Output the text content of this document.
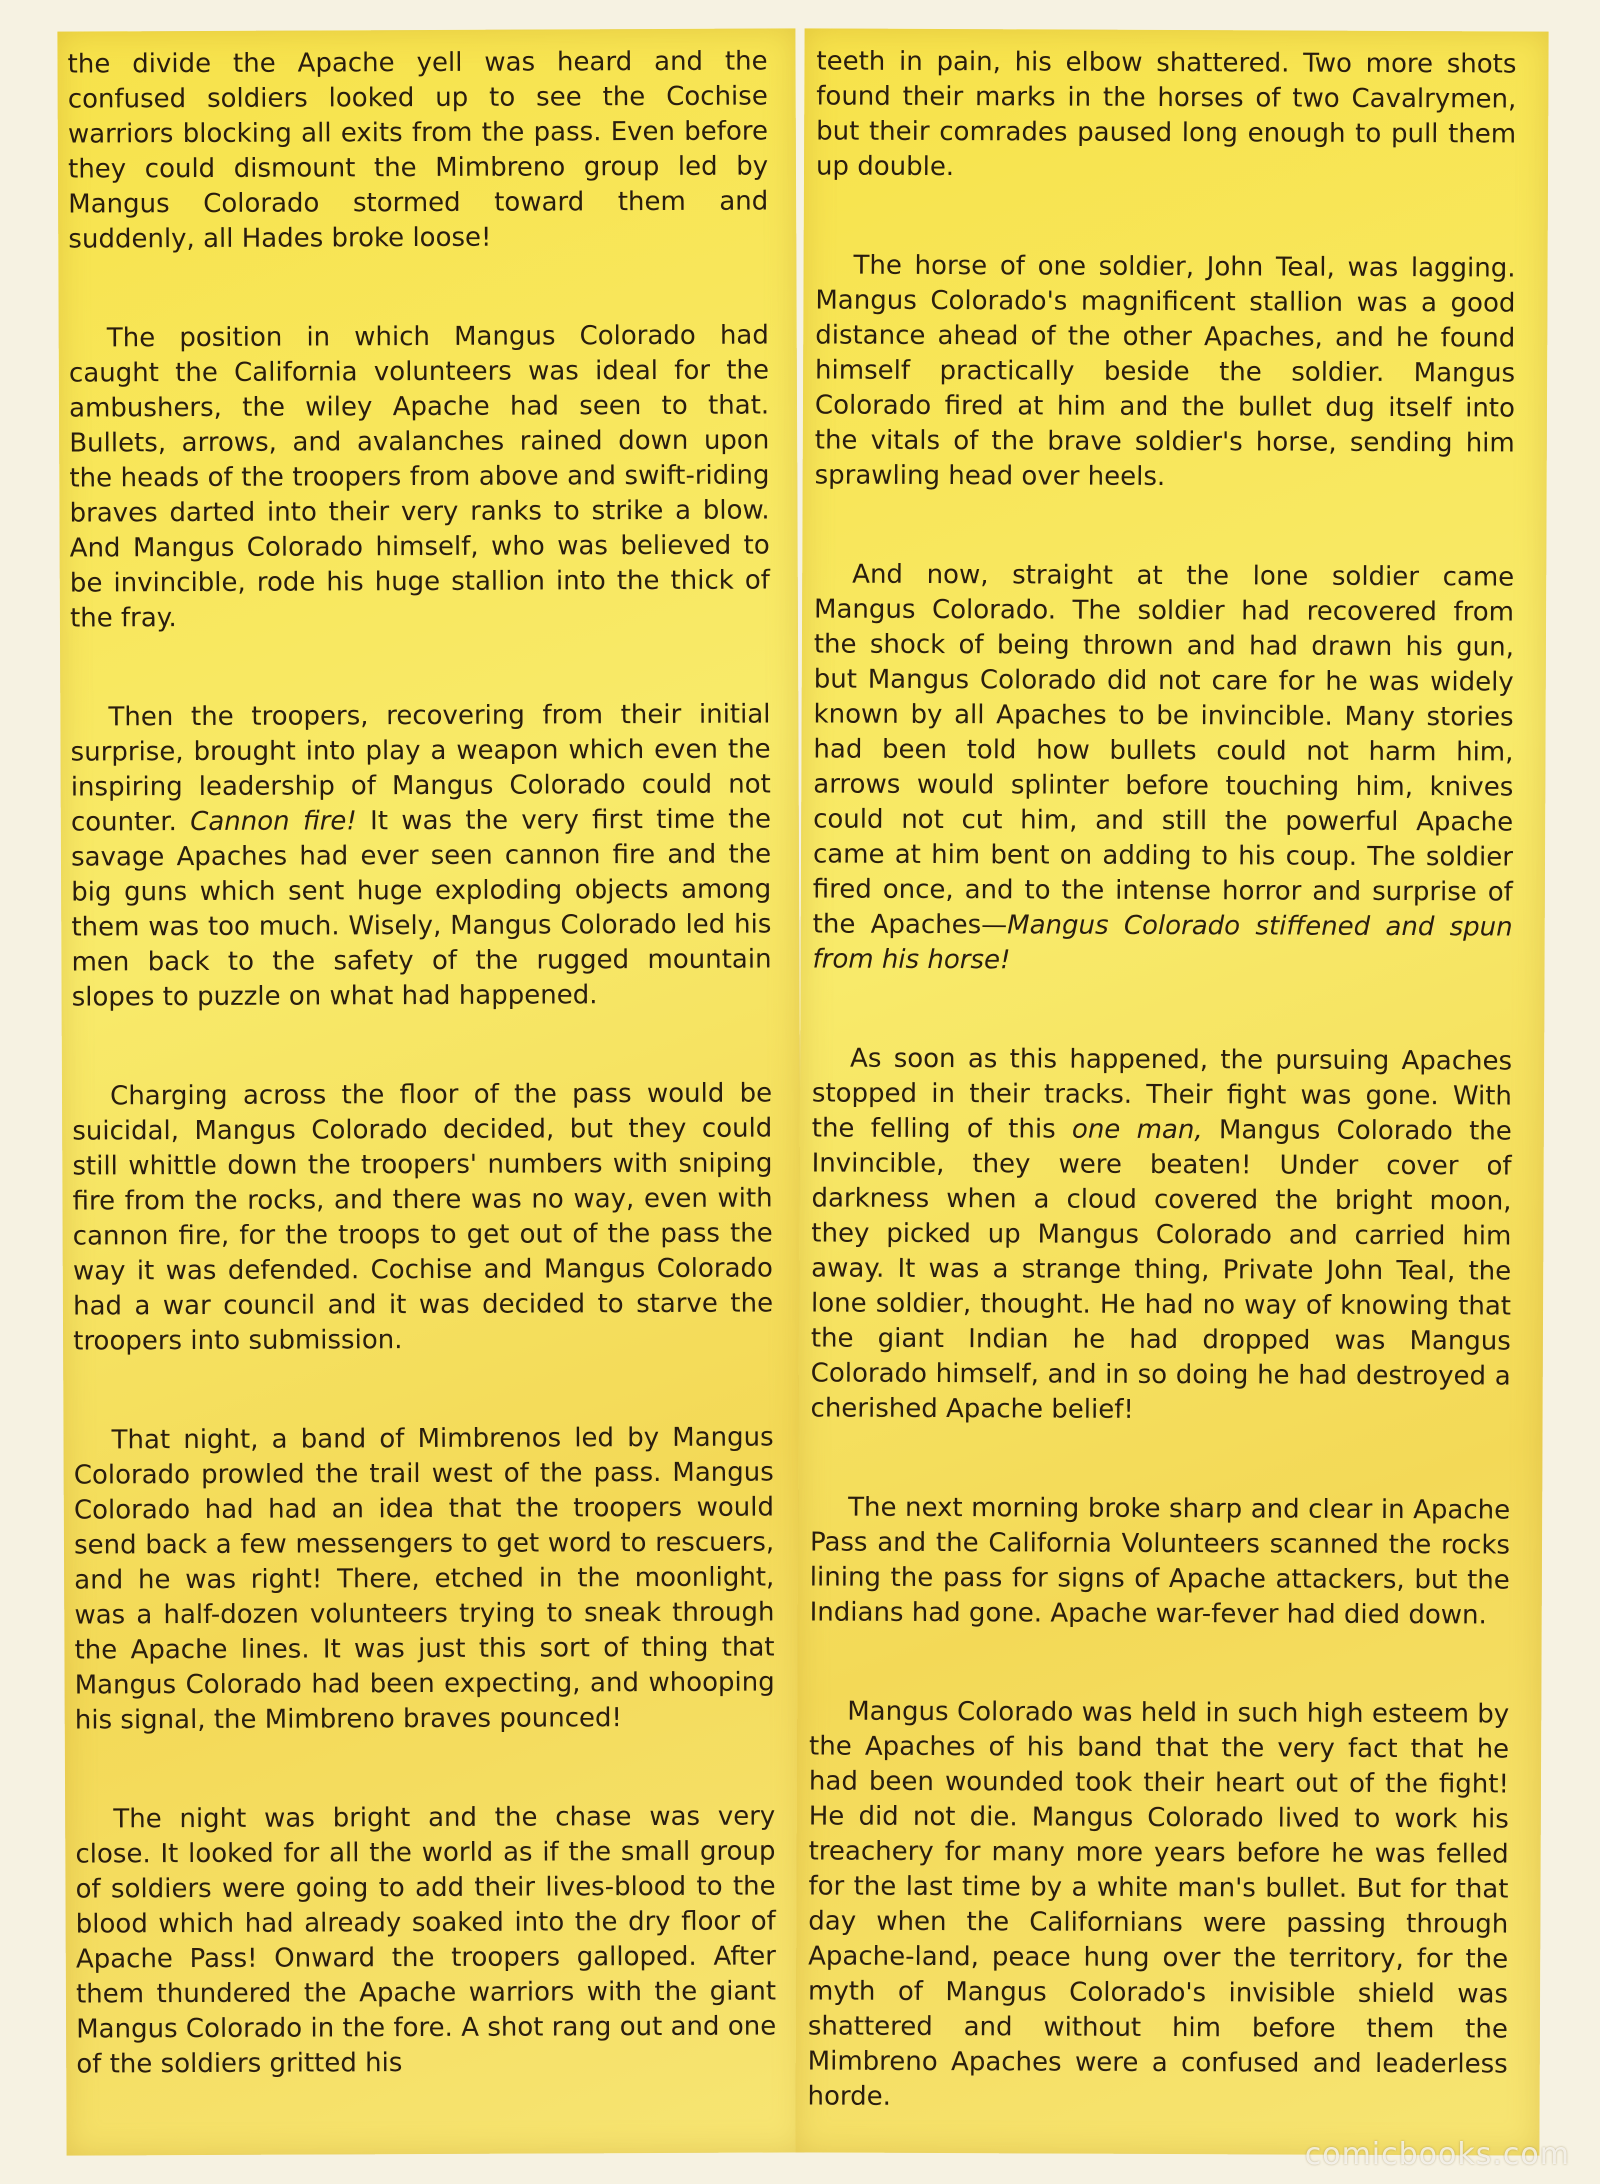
the divide the Apache yell was heard and the confused soldiers looked up to see the Cochise warriors blocking all exits from the pass. Even before they could dismount the Mimbreno group led by Mangus Colorado stormed toward them and suddenly, all Hades broke loose!

The position in which Mangus Colorado had caught the California volunteers was ideal for the ambushers, the wiley Apache had seen to that. Bullets, arrows, and avalanches rained down upon the heads of the troopers from above and swift-riding braves darted into their very ranks to strike a blow. And Mangus Colorado himself, who was believed to be invincible, rode his huge stallion into the thick of the fray.

Then the troopers, recovering from their initial surprise, brought into play a weapon which even the inspiring leadership of Mangus Colorado could not counter. Cannon fire! It was the very first time the savage Apaches had ever seen cannon fire and the big guns which sent huge exploding objects among them was too much. Wisely, Mangus Colorado led his men back to the safety of the rugged mountain slopes to puzzle on what had happened.

Charging across the floor of the pass would be suicidal, Mangus Colorado decided, but they could still whittle down the troopers' numbers with sniping fire from the rocks, and there was no way, even with cannon fire, for the troops to get out of the pass the way it was defended. Cochise and Mangus Colorado had a war council and it was decided to starve the troopers into submission.

That night, a band of Mimbrenos led by Mangus Colorado prowled the trail west of the pass. Mangus Colorado had had an idea that the troopers would send back a few messengers to get word to rescuers, and he was right! There, etched in the moonlight, was a half-dozen volunteers trying to sneak through the Apache lines. It was just this sort of thing that Mangus Colorado had been expecting, and whooping his signal, the Mimbreno braves pounced!

The night was bright and the chase was very close. It looked for all the world as if the small group of soldiers were going to add their lives-blood to the blood which had already soaked into the dry floor of Apache Pass! Onward the troopers galloped. After them thundered the Apache warriors with the giant Mangus Colorado in the fore. A shot rang out and one of the soldiers gritted his

teeth in pain, his elbow shattered. Two more shots found their marks in the horses of two Cavalrymen, but their comrades paused long enough to pull them up double.

The horse of one soldier, John Teal, was lagging. Mangus Colorado's magnificent stallion was a good distance ahead of the other Apaches, and he found himself practically beside the soldier. Mangus Colorado fired at him and the bullet dug itself into the vitals of the brave soldier's horse, sending him sprawling head over heels.

And now, straight at the lone soldier came Mangus Colorado. The soldier had recovered from the shock of being thrown and had drawn his gun, but Mangus Colorado did not care for he was widely known by all Apaches to be invincible. Many stories had been told how bullets could not harm him, arrows would splinter before touching him, knives could not cut him, and still the powerful Apache came at him bent on adding to his coup. The soldier fired once, and to the intense horror and surprise of the Apaches—Mangus Colorado stiffened and spun from his horse!

As soon as this happened, the pursuing Apaches stopped in their tracks. Their fight was gone. With the felling of this one man, Mangus Colorado the Invincible, they were beaten! Under cover of darkness when a cloud covered the bright moon, they picked up Mangus Colorado and carried him away. It was a strange thing, Private John Teal, the lone soldier, thought. He had no way of knowing that the giant Indian he had dropped was Mangus Colorado himself, and in so doing he had destroyed a cherished Apache belief!

The next morning broke sharp and clear in Apache Pass and the California Volunteers scanned the rocks lining the pass for signs of Apache attackers, but the Indians had gone. Apache war-fever had died down.

Mangus Colorado was held in such high esteem by the Apaches of his band that the very fact that he had been wounded took their heart out of the fight! He did not die. Mangus Colorado lived to work his treachery for many more years before he was felled for the last time by a white man's bullet. But for that day when the Californians were passing through Apache-land, peace hung over the territory, for the myth of Mangus Colorado's invisible shield was shattered and without him before them the Mimbreno Apaches were a confused and leaderless horde.

comicbooks.com
